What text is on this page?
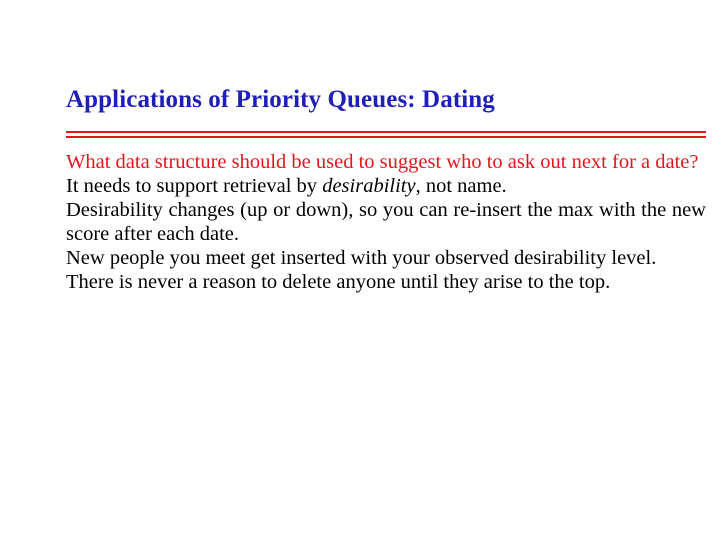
Applications of Priority Queues: Dating

What data structure should be used to suggest who to ask out next for a date?

It needs to support retrieval by desirability, not name.

Desirability changes (up or down), so you can re-insert the max with the new score after each date.

New people you meet get inserted with your observed desirability level.

There is never a reason to delete anyone until they arise to the top.
